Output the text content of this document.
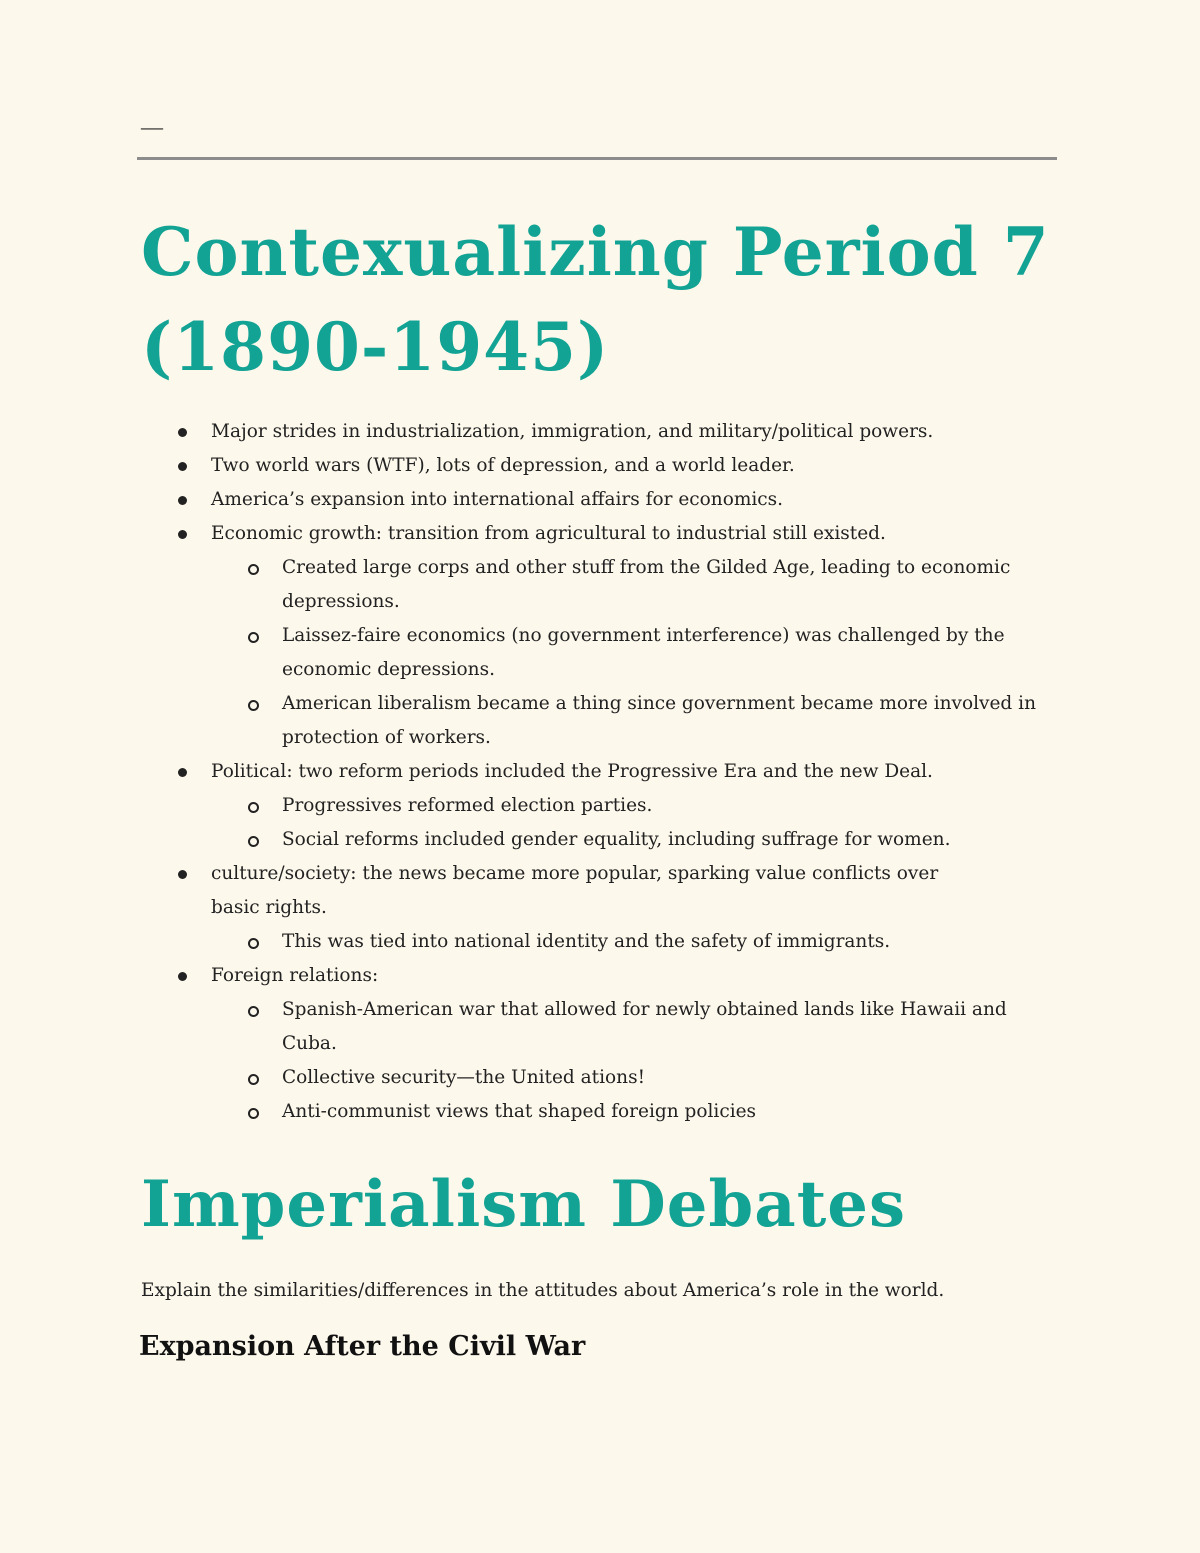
—
Contexualizing Period 7
(1890-1945)
Major strides in industrialization, immigration, and military/political powers.
Two world wars (WTF), lots of depression, and a world leader.
America’s expansion into international affairs for economics.
Economic growth: transition from agricultural to industrial still existed.
Created large corps and other stuff from the Gilded Age, leading to economic depressions.
Laissez-faire economics (no government interference) was challenged by the economic depressions.
American liberalism became a thing since government became more involved in protection of workers.
Political: two reform periods included the Progressive Era and the new Deal.
Progressives reformed election parties.
Social reforms included gender equality, including suffrage for women.
culture/society: the news became more popular, sparking value conflicts over basic rights.
This was tied into national identity and the safety of immigrants.
Foreign relations:
Spanish-American war that allowed for newly obtained lands like Hawaii and Cuba.
Collective security—the United ations!
Anti-communist views that shaped foreign policies
Imperialism Debates

Explain the similarities/differences in the attitudes about America’s role in the world.

Expansion After the Civil War
